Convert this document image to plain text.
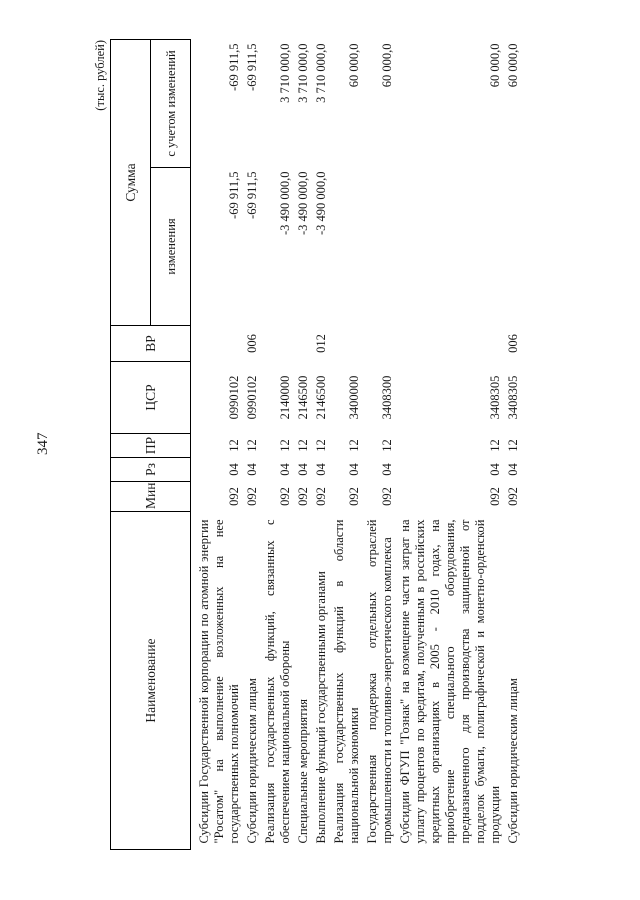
347
(тыс. рублей)
Наименование	Мин	Рз	ПР	ЦСР	ВР	Сумма	
						изменения	с учетом изменений
Субсидии Государственной корпорации по атомной энергии "Росатом" на выполнение возложенных на нее государственных полномочий	092	04	12	0990102		-69 911,5	-69 911,5
Субсидии юридическим лицам	092	04	12	0990102	006	-69 911,5	-69 911,5
Реализация государственных функций, связанных с обеспечением национальной обороны	092	04	12	2140000		-3 490 000,0	3 710 000,0
Специальные мероприятия	092	04	12	2146500		-3 490 000,0	3 710 000,0
Выполнение функций государственными органами	092	04	12	2146500	012	-3 490 000,0	3 710 000,0
Реализация государственных функций в области национальной экономики	092	04	12	3400000			60 000,0
Государственная поддержка отдельных отраслей промышленности и топливно-энергетического комплекса	092	04	12	3408300			60 000,0
Субсидии ФГУП "Гознак" на возмещение части затрат на уплату процентов по кредитам, полученным в российских кредитных организациях в 2005 - 2010 годах, на приобретение специального оборудования, предназначенного для производства защищенной от подделок бумаги, полиграфической и монетно-орденской продукции	092	04	12	3408305			60 000,0
Субсидии юридическим лицам	092	04	12	3408305	006		60 000,0
